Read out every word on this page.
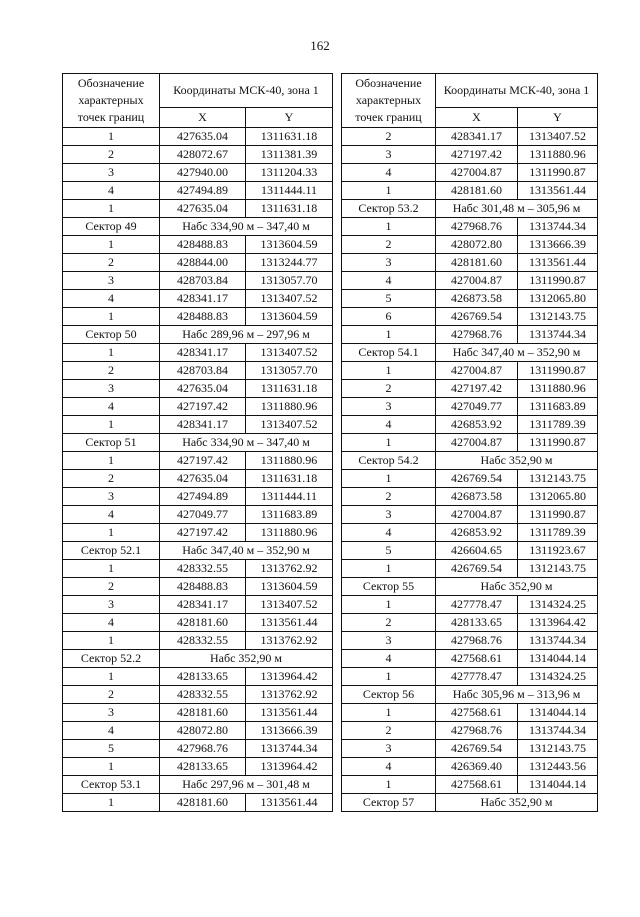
162
Обозначение характерных точек границ	Координаты МСК-40, зона 1	

	X	Y
1	427635.04	1311631.18
2	428072.67	1311381.39
3	427940.00	1311204.33
4	427494.89	1311444.11
1	427635.04	1311631.18
Сектор 49	Набс 334,90 м – 347,40 м	
1	428488.83	1313604.59
2	428844.00	1313244.77
3	428703.84	1313057.70
4	428341.17	1313407.52
1	428488.83	1313604.59
Сектор 50	Набс 289,96 м – 297,96 м	
1	428341.17	1313407.52
2	428703.84	1313057.70
3	427635.04	1311631.18
4	427197.42	1311880.96
1	428341.17	1313407.52
Сектор 51	Набс 334,90 м – 347,40 м	
1	427197.42	1311880.96
2	427635.04	1311631.18
3	427494.89	1311444.11
4	427049.77	1311683.89
1	427197.42	1311880.96
Сектор 52.1	Набс 347,40 м – 352,90 м	
1	428332.55	1313762.92
2	428488.83	1313604.59
3	428341.17	1313407.52
4	428181.60	1313561.44
1	428332.55	1313762.92
Сектор 52.2	Набс 352,90 м	
1	428133.65	1313964.42
2	428332.55	1313762.92
3	428181.60	1313561.44
4	428072.80	1313666.39
5	427968.76	1313744.34
1	428133.65	1313964.42
Сектор 53.1	Набс 297,96 м – 301,48 м	
1	428181.60	1313561.44
Обозначение характерных точек границ	Координаты МСК-40, зона 1	

	X	Y
2	428341.17	1313407.52
3	427197.42	1311880.96
4	427004.87	1311990.87
1	428181.60	1313561.44
Сектор 53.2	Набс 301,48 м – 305,96 м	
1	427968.76	1313744.34
2	428072.80	1313666.39
3	428181.60	1313561.44
4	427004.87	1311990.87
5	426873.58	1312065.80
6	426769.54	1312143.75
1	427968.76	1313744.34
Сектор 54.1	Набс 347,40 м – 352,90 м	
1	427004.87	1311990.87
2	427197.42	1311880.96
3	427049.77	1311683.89
4	426853.92	1311789.39
1	427004.87	1311990.87
Сектор 54.2	Набс 352,90 м	
1	426769.54	1312143.75
2	426873.58	1312065.80
3	427004.87	1311990.87
4	426853.92	1311789.39
5	426604.65	1311923.67
1	426769.54	1312143.75
Сектор 55	Набс 352,90 м	
1	427778.47	1314324.25
2	428133.65	1313964.42
3	427968.76	1313744.34
4	427568.61	1314044.14
1	427778.47	1314324.25
Сектор 56	Набс 305,96 м – 313,96 м	
1	427568.61	1314044.14
2	427968.76	1313744.34
3	426769.54	1312143.75
4	426369.40	1312443.56
1	427568.61	1314044.14
Сектор 57	Набс 352,90 м	
